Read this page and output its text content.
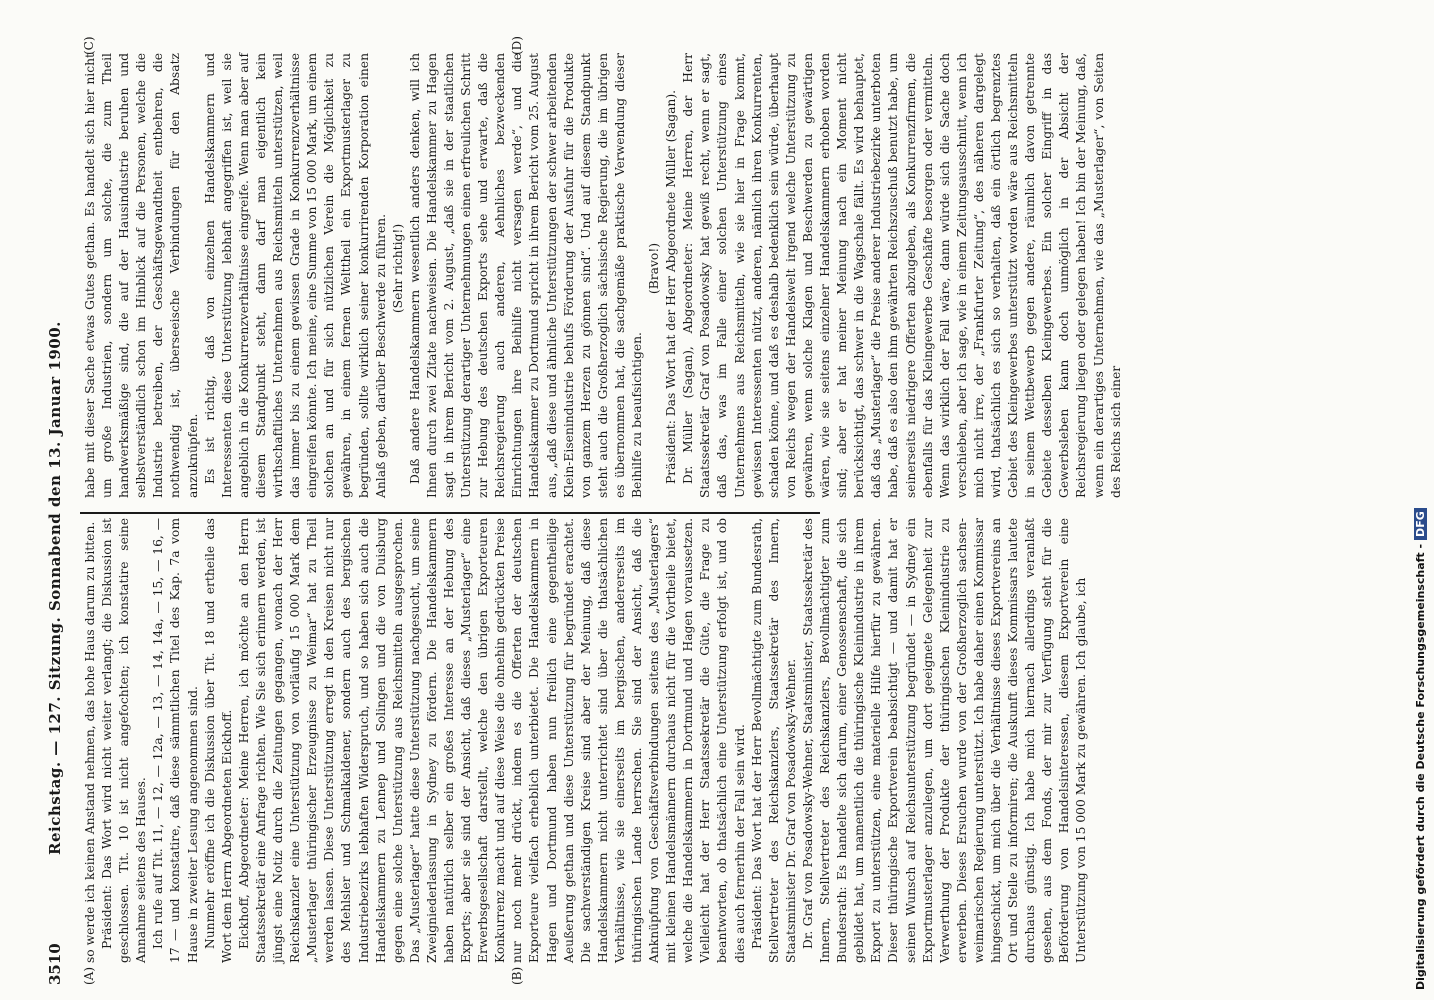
3510
Reichstag. — 127. Sitzung. Sonnabend den 13. Januar 1900.
(A)	(B)
(C)	(D)

so werde ich keinen Anstand nehmen, das hohe Haus darum zu bitten. Präsident: Das Wort wird nicht weiter verlangt; die Diskussion ist geschlossen. Tit. 10 ist nicht angefochten; ich konstatire seine Annahme seitens des Hauses. Ich rufe auf Tit. 11, — 12, — 12a, — 13, — 14, 14a, — 15, — 16, — 17 — und konstatire, daß diese sämmtlichen Titel des Kap. 7a vom Hause in zweiter Lesung angenommen sind. Nunmehr eröffne ich die Diskussion über Tit. 18 und ertheile das Wort dem Herrn Abgeordneten Eickhoff. Eickhoff, Abgeordneter: Meine Herren, ich möchte an den Herrn Staatssekretär eine Anfrage richten. Wie Sie sich erinnern werden, ist jüngst eine Notiz durch die Zeitungen gegangen, wonach der Herr Reichskanzler eine Unterstützung von vorläufig 15 000 Mark dem „Musterlager thüringischer Erzeugnisse zu Weimar“ hat zu Theil werden lassen. Diese Unterstützung erregt in den Kreisen nicht nur des Mehlsler und Schmalkaldener, sondern auch des bergischen Industriebezirks lebhaften Widerspruch, und so haben sich auch die Handelskammern zu Lennep und Solingen und die von Duisburg gegen eine solche Unterstützung aus Reichsmitteln ausgesprochen. Das „Musterlager“ hatte diese Unterstützung nachgesucht, um seine Zweigniederlassung in Sydney zu fördern. Die Handelskammern haben natürlich selber ein großes Interesse an der Hebung des Exports; aber sie sind der Ansicht, daß dieses „Musterlager“ eine Erwerbsgesellschaft darstellt, welche den übrigen Exporteuren Konkurrenz macht und auf diese Weise die ohnehin gedrückten Preise nur noch mehr drückt, indem es die Offerten der deutschen Exporteure vielfach erheblich unterbietet. Die Handelskammern in Hagen und Dortmund haben nun freilich eine gegentheilige Aeußerung gethan und diese Unterstützung für begründet erachtet. Die sachverständigen Kreise sind aber der Meinung, daß diese Handelskammern nicht unterrichtet sind über die thatsächlichen Verhältnisse, wie sie einerseits im bergischen, andererseits im thüringischen Lande herrschen. Sie sind der Ansicht, daß die Anknüpfung von Geschäftsverbindungen seitens des „Musterlagers“ mit kleinen Handelsmännern durchaus nicht für die Vortheile bietet, welche die Handelskammern in Dortmund und Hagen voraussetzen. Vielleicht hat der Herr Staatssekretär die Güte, die Frage zu beantworten, ob thatsächlich eine Unterstützung erfolgt ist, und ob dies auch fernerhin der Fall sein wird. Präsident: Das Wort hat der Herr Bevollmächtigte zum Bundesrath, Stellvertreter des Reichskanzlers, Staatssekretär des Innern, Staatsminister Dr. Graf von Posadowsky-Wehner. Dr. Graf von Posadowsky-Wehner, Staatsminister, Staatssekretär des Innern, Stellvertreter des Reichskanzlers, Bevollmächtigter zum Bundesrath: Es handelte sich darum, einer Genossenschaft, die sich gebildet hat, um namentlich die thüringische Kleinindustrie in ihrem Export zu unterstützen, eine materielle Hilfe hierfür zu gewähren. Dieser thüringische Exportverein beabsichtigt — und damit hat er seinen Wunsch auf Reichsunterstützung begründet — in Sydney ein Exportmusterlager anzulegen, um dort geeignete Gelegenheit zur Verwerthung der Produkte der thüringischen Kleinindustrie zu erwerben. Dieses Ersuchen wurde von der Großherzoglich sachsen-weimarischen Regierung unterstützt. Ich habe daher einen Kommissar hingeschickt, um mich über die Verhältnisse dieses Exportvereins an Ort und Stelle zu informiren; die Auskunft dieses Kommissars lautete durchaus günstig. Ich habe mich hiernach allerdings veranlaßt gesehen, aus dem Fonds, der mir zur Verfügung steht für die Beförderung von Handelsinteressen, diesem Exportverein eine Unterstützung von 15 000 Mark zu gewähren. Ich glaube, ich

habe mit dieser Sache etwas Gutes gethan. Es handelt sich hier nicht um große Industrien, sondern um solche, die zum Theil handwerksmäßige sind, die auf der Hausindustrie beruhen und selbstverständlich schon im Hinblick auf die Personen, welche die Industrie betreiben, der Geschäftsgewandtheit entbehren, die nothwendig ist, überseeische Verbindungen für den Absatz anzuknüpfen. Es ist richtig, daß von einzelnen Handelskammern und Interessenten diese Unterstützung lebhaft angegriffen ist, weil sie angeblich in die Konkurrenzverhältnisse eingreife. Wenn man aber auf diesem Standpunkt steht, dann darf man eigentlich kein wirthschaftliches Unternehmen aus Reichsmitteln unterstützen, weil das immer bis zu einem gewissen Grade in Konkurrenzverhältnisse eingreifen könnte. Ich meine, eine Summe von 15 000 Mark, um einem solchen an und für sich nützlichen Verein die Möglichkeit zu gewähren, in einem fernen Welttheil ein Exportmusterlager zu begründen, sollte wirklich seiner konkurrirenden Korporation einen Anlaß geben, darüber Beschwerde zu führen. (Sehr richtig!) Daß andere Handelskammern wesentlich anders denken, will ich Ihnen durch zwei Zitate nachweisen. Die Handelskammer zu Hagen sagt in ihrem Bericht vom 2. August, „daß sie in der staatlichen Unterstützung derartiger Unternehmungen einen erfreulichen Schritt zur Hebung des deutschen Exports sehe und erwarte, daß die Reichsregierung auch anderen, Aehnliches bezweckenden Einrichtungen ihre Beihilfe nicht versagen werde“, und die Handelskammer zu Dortmund spricht in ihrem Bericht vom 25. August aus, „daß diese und ähnliche Unterstützungen der schwer arbeitenden Klein-Eisenindustrie behufs Förderung der Ausfuhr für die Produkte von ganzem Herzen zu gönnen sind“. Und auf diesem Standpunkt steht auch die Großherzoglich sächsische Regierung, die im übrigen es übernommen hat, die sachgemäße praktische Verwendung dieser Beihilfe zu beaufsichtigen.

(Bravo!) Präsident: Das Wort hat der Herr Abgeordnete Müller (Sagan). Dr. Müller (Sagan), Abgeordneter: Meine Herren, der Herr Staatssekretär Graf von Posadowsky hat gewiß recht, wenn er sagt, daß das, was im Falle einer solchen Unterstützung eines Unternehmens aus Reichsmitteln, wie sie hier in Frage kommt, gewissen Interessenten nützt, anderen, nämlich ihren Konkurrenten, schaden könne, und daß es deshalb bedenklich sein würde, überhaupt von Reichs wegen der Handelswelt irgend welche Unterstützung zu gewähren, wenn solche Klagen und Beschwerden zu gewärtigen wären, wie sie seitens einzelner Handelskammern erhoben worden sind; aber er hat meiner Meinung nach ein Moment nicht berücksichtigt, das schwer in die Wagschale fällt. Es wird behauptet, daß das „Musterlager“ die Preise anderer Industriebezirke unterboten habe, daß es also den ihm gewährten Reichszuschuß benutzt habe, um seinerseits niedrigere Offerten abzugeben, als Konkurrenzfirmen, die ebenfalls für das Kleingewerbe Geschäfte besorgen oder vermitteln. Wenn das wirklich der Fall wäre, dann würde sich die Sache doch verschieben, aber ich sage, wie in einem Zeitungsausschnitt, wenn ich mich nicht irre, der „Frankfurter Zeitung“, des näheren dargelegt wird, thatsächlich es sich so verhalten, daß ein örtlich begrenztes Gebiet des Kleingewerbes unterstützt worden wäre aus Reichsmitteln in seinem Wettbewerb gegen andere, räumlich davon getrennte Gebiete desselben Kleingewerbes. Ein solcher Eingriff in das Gewerbsleben kann doch unmöglich in der Absicht der Reichsregierung liegen oder gelegen haben! Ich bin der Meinung, daß, wenn ein derartiges Unternehmen, wie das „Musterlager“, von Seiten des Reichs sich einer

Digitalisierung gefördert durch die Deutsche Forschungsgemeinschaft -DFG
